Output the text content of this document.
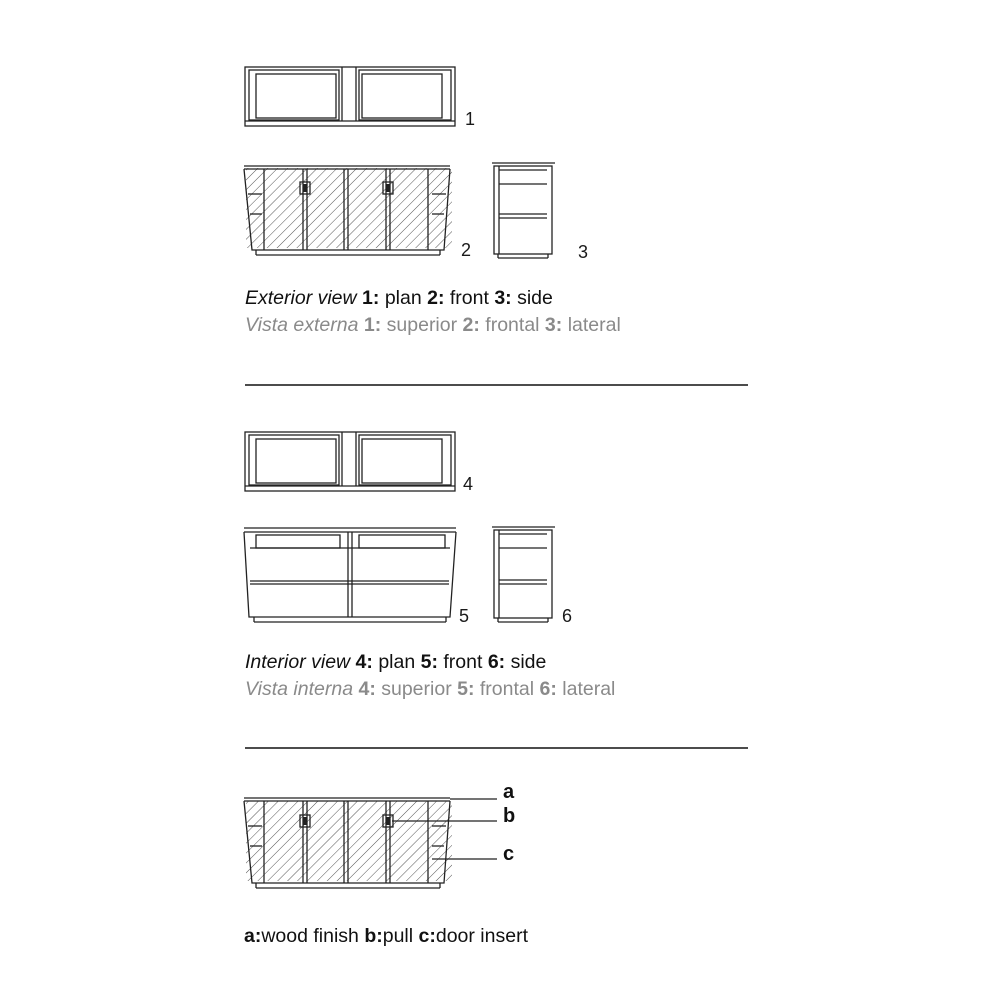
1
2	3
4
5	6
a
b
c
Exterior view 1: plan 2: front 3: side
Vista externa 1: superior 2: frontal 3: lateral
Interior view 4: plan 5: front 6: side
Vista interna 4: superior 5: frontal 6: lateral
a:wood finish b:pull c:door insert
